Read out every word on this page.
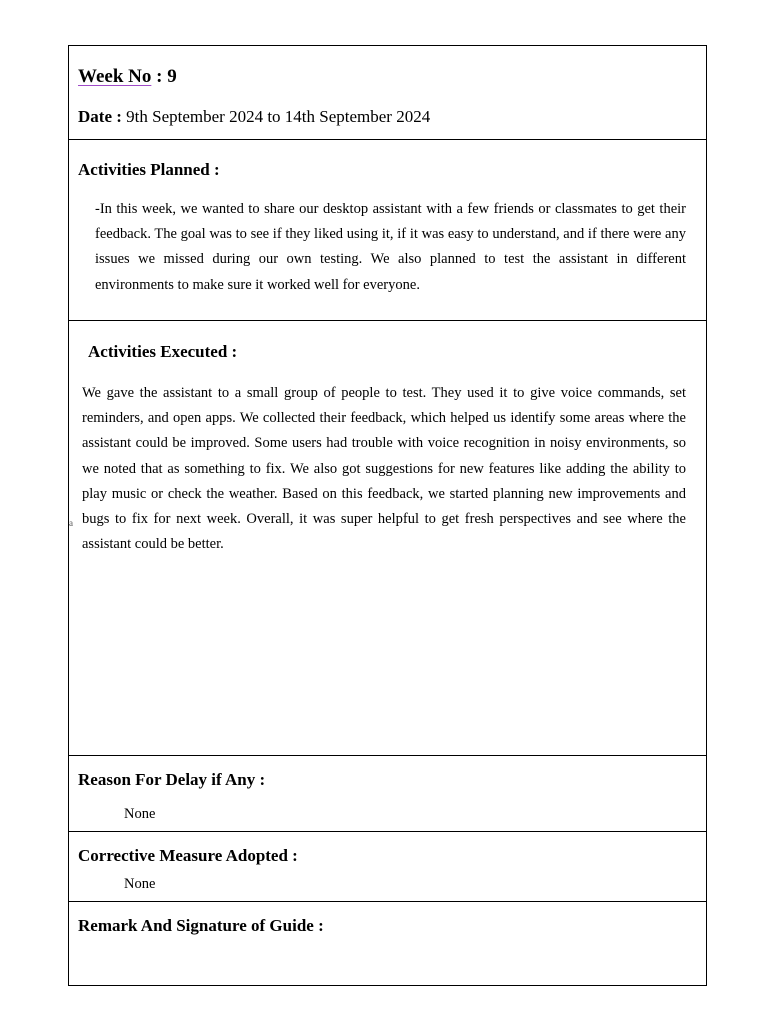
Week No : 9
Date : 9th September 2024 to 14th September 2024
Activities Planned :
-In this week, we wanted to share our desktop assistant with a few friends or classmates to get their feedback. The goal was to see if they liked using it, if it was easy to understand, and if there were any issues we missed during our own testing. We also planned to test the assistant in different environments to make sure it worked well for everyone.
Activities Executed :
We gave the assistant to a small group of people to test. They used it to give voice commands, set reminders, and open apps. We collected their feedback, which helped us identify some areas where the assistant could be improved. Some users had trouble with voice recognition in noisy environments, so we noted that as something to fix. We also got suggestions for new features like adding the ability to play music or check the weather. Based on this feedback, we started planning new improvements and bugs to fix for next week. Overall, it was super helpful to get fresh perspectives and see where the assistant could be better.
a
Reason For Delay if Any :
None
Corrective Measure Adopted :
None
Remark And Signature of Guide :
